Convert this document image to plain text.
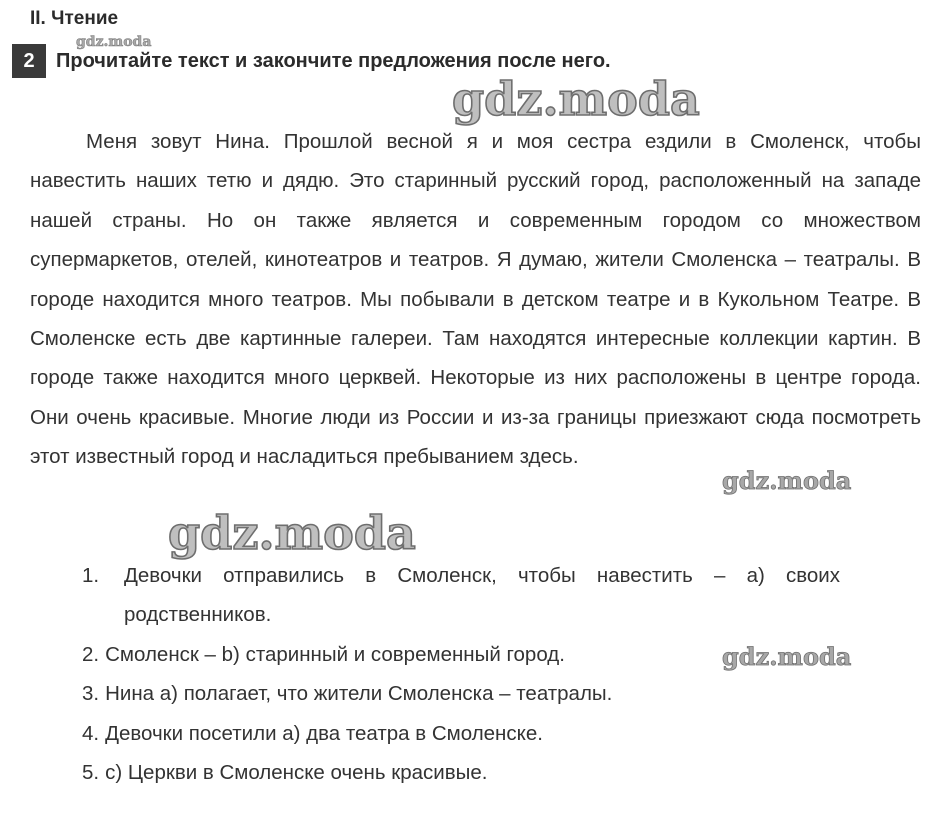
II. Чтение
2	Прочитайте текст и закончите предложения после него.

Меня зовут Нина. Прошлой весной я и моя сестра ездили в Смоленск, чтобы навестить наших тетю и дядю. Это старинный русский город, расположенный на западе нашей страны. Но он также является и современным городом со множеством супермаркетов, отелей, кинотеатров и театров. Я думаю, жители Смоленска – театралы. В городе находится много театров. Мы побывали в детском театре и в Кукольном Театре. В Смоленске есть две картинные галереи. Там находятся интересные коллекции картин. В городе также находится много церквей. Некоторые из них расположены в центре города. Они очень красивые. Многие люди из России и из-за границы приезжают сюда посмотреть этот известный город и насладиться пребыванием здесь.

1.	Девочки отправились в Смоленск, чтобы навестить – a) своих родственников.
2. Смоленск – b) старинный и современный город.
3. Нина a) полагает, что жители Смоленска – театралы.
4. Девочки посетили a) два театра в Смоленске.
5. c) Церкви в Смоленске очень красивые.
gdz.moda
gdz.moda
gdz.moda
gdz.moda
gdz.moda
